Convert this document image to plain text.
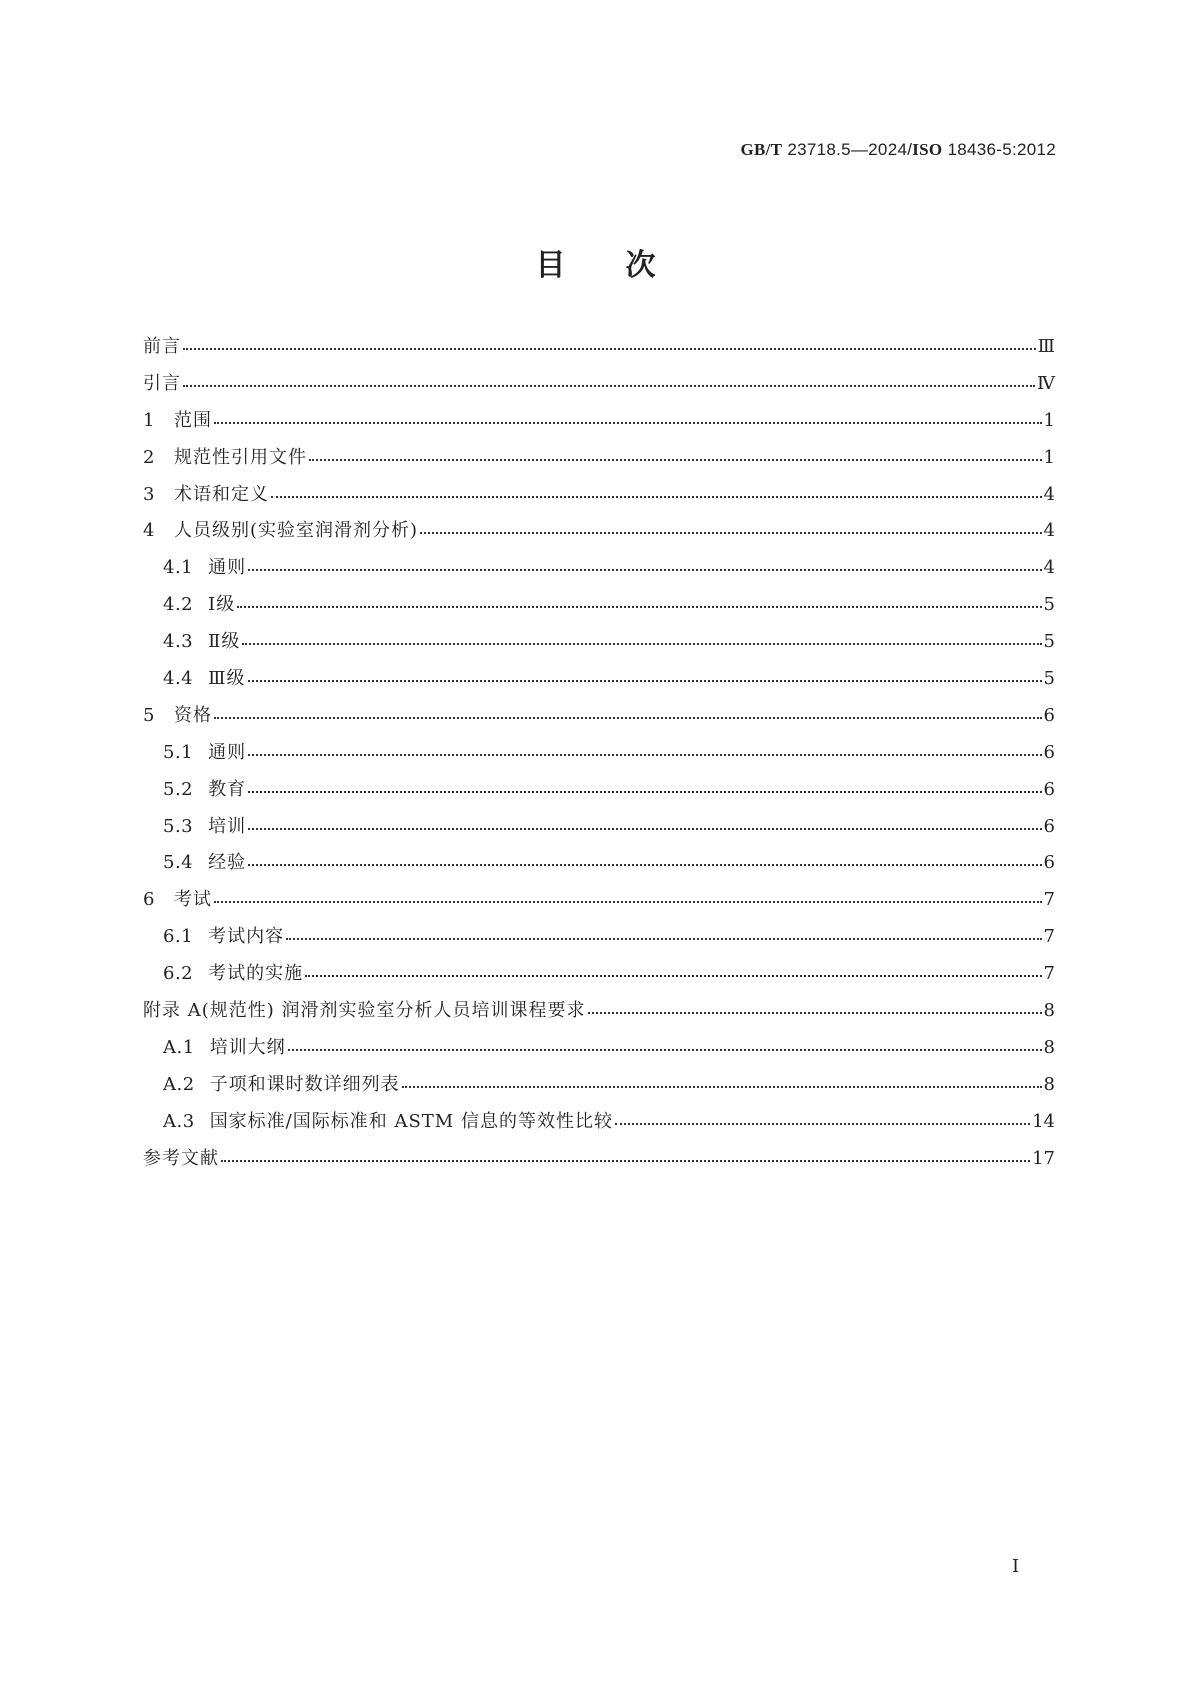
GB/T 23718.5—2024/ISO 18436-5:2012
目 次
前言	Ⅲ
引言	Ⅳ
1 范围	1
2 规范性引用文件	1
3 术语和定义	4
4 人员级别(实验室润滑剂分析)	4
4.1 通则	4
4.2 Ⅰ级	5
4.3 Ⅱ级	5
4.4 Ⅲ级	5
5 资格	6
5.1 通则	6
5.2 教育	6
5.3 培训	6
5.4 经验	6
6 考试	7
6.1 考试内容	7
6.2 考试的实施	7
附录 A(规范性) 润滑剂实验室分析人员培训课程要求	8
A.1 培训大纲	8
A.2 子项和课时数详细列表	8
A.3 国家标准/国际标准和 ASTM 信息的等效性比较	14
参考文献	17
I
